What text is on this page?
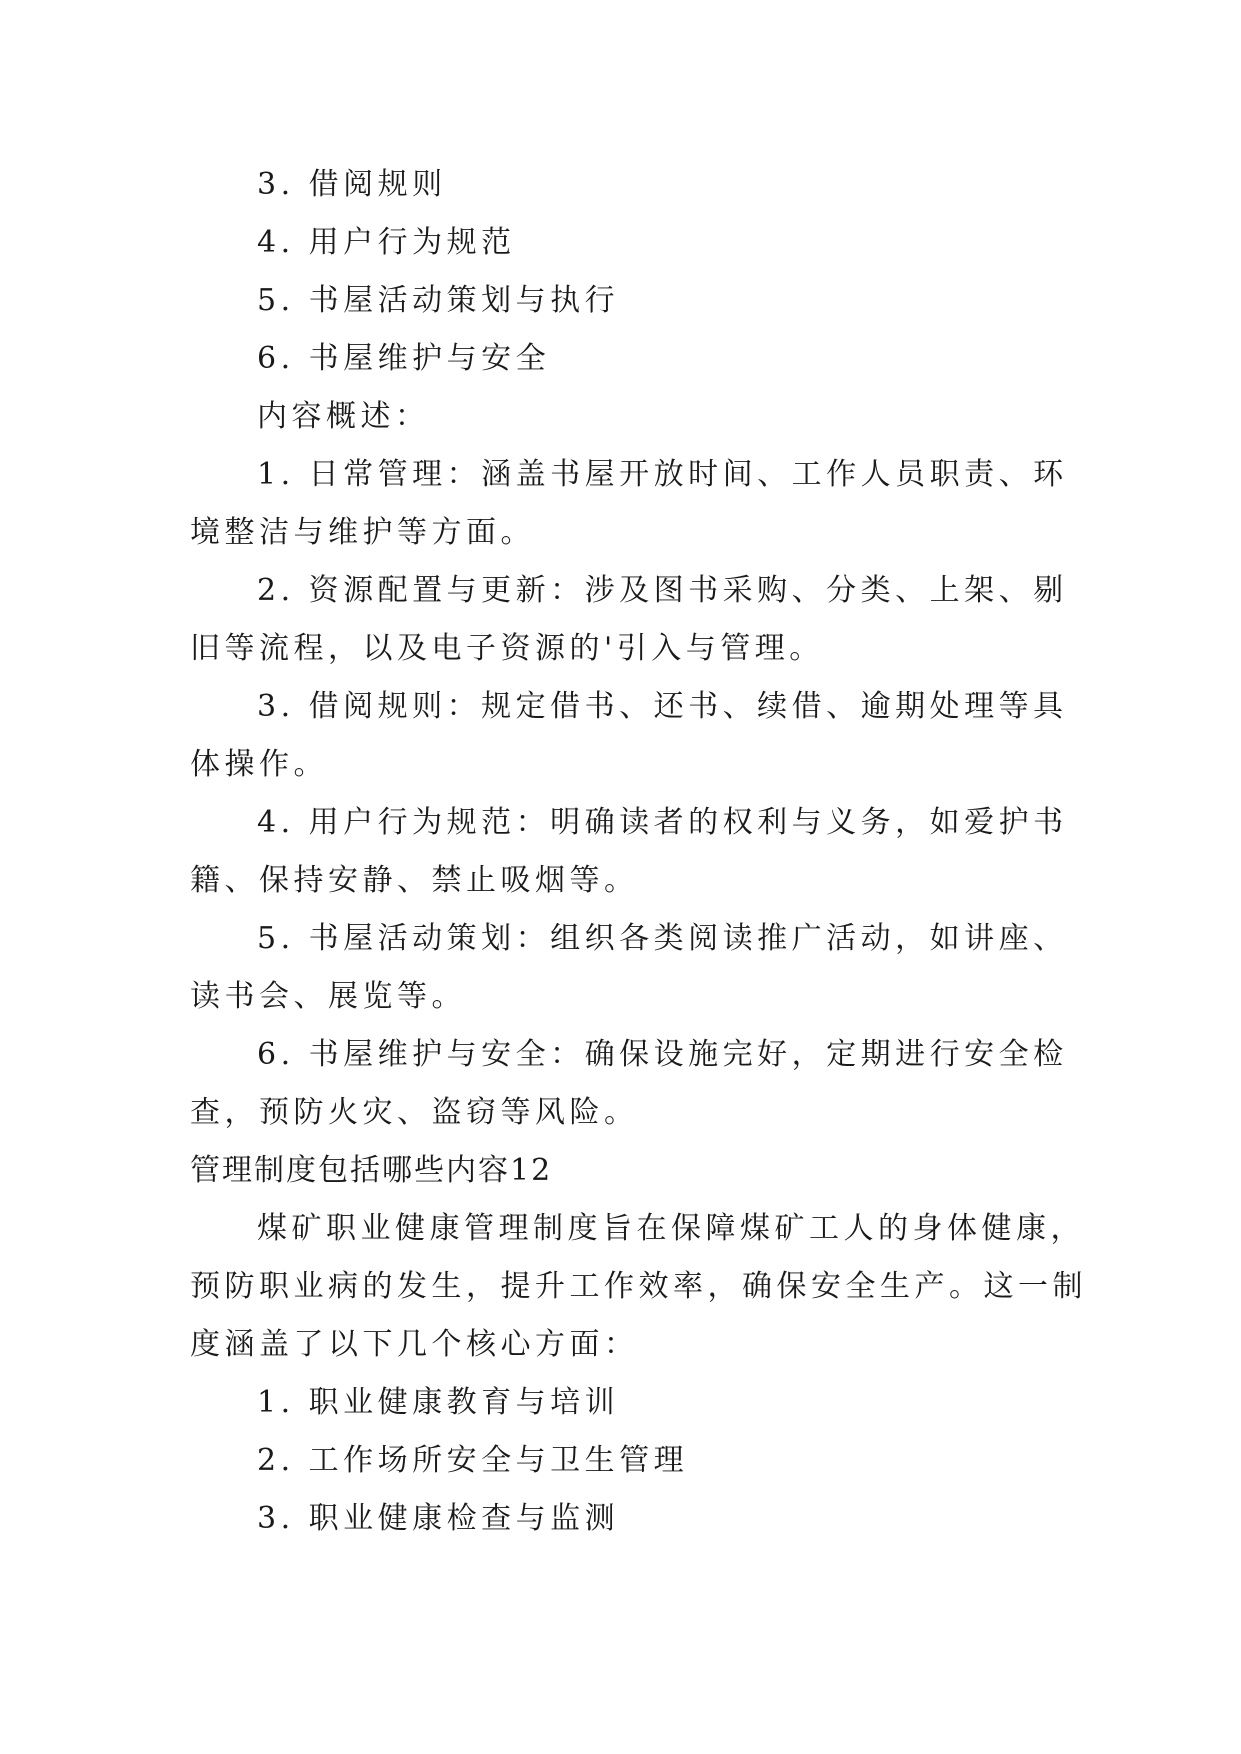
3. 借阅规则
4. 用户行为规范
5. 书屋活动策划与执行
6. 书屋维护与安全
内容概述：
1. 日常管理：涵盖书屋开放时间、工作人员职责、环
境整洁与维护等方面。
2. 资源配置与更新：涉及图书采购、分类、上架、剔
旧等流程，以及电子资源的'引入与管理。
3. 借阅规则：规定借书、还书、续借、逾期处理等具
体操作。
4. 用户行为规范：明确读者的权利与义务，如爱护书
籍、保持安静、禁止吸烟等。
5. 书屋活动策划：组织各类阅读推广活动，如讲座、
读书会、展览等。
6. 书屋维护与安全：确保设施完好，定期进行安全检
查，预防火灾、盗窃等风险。
管理制度包括哪些内容12
煤矿职业健康管理制度旨在保障煤矿工人的身体健康，
预防职业病的发生，提升工作效率，确保安全生产。这一制
度涵盖了以下几个核心方面：
1. 职业健康教育与培训
2. 工作场所安全与卫生管理
3. 职业健康检查与监测
